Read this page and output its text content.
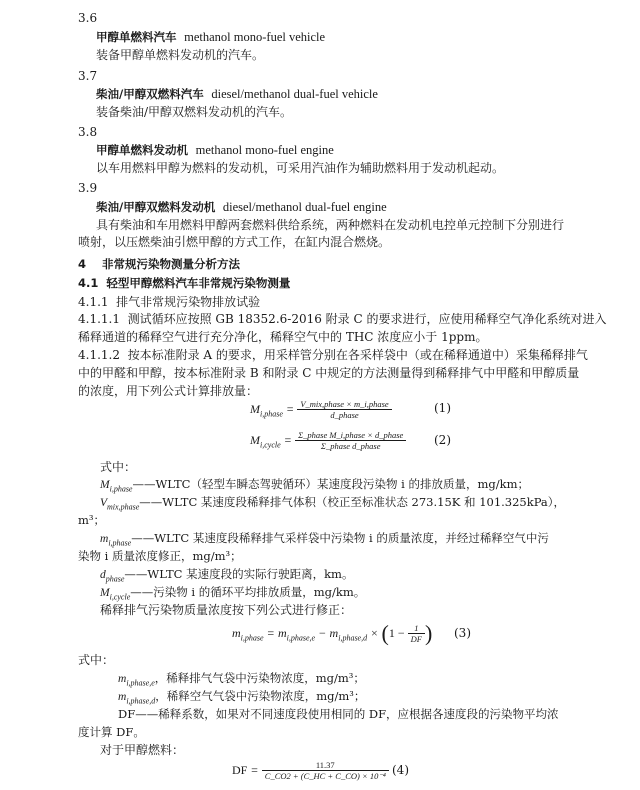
3.6
甲醇单燃料汽车 methanol mono-fuel vehicle
装备甲醇单燃料发动机的汽车。
3.7
柴油/甲醇双燃料汽车 diesel/methanol dual-fuel vehicle
装备柴油/甲醇双燃料发动机的汽车。
3.8
甲醇单燃料发动机 methanol mono-fuel engine
以车用燃料甲醇为燃料的发动机，可采用汽油作为辅助燃料用于发动机起动。
3.9
柴油/甲醇双燃料发动机 diesel/methanol dual-fuel engine
具有柴油和车用燃料甲醇两套燃料供给系统，两种燃料在发动机电控单元控制下分别进行
喷射，以压燃柴油引燃甲醇的方式工作，在缸内混合燃烧。
4    非常规污染物测量分析方法
4.1  轻型甲醇燃料汽车非常规污染物测量
4.1.1  排气非常规污染物排放试验
4.1.1.1  测试循环应按照 GB 18352.6-2016 附录 C 的要求进行，应使用稀释空气净化系统对进入
稀释通道的稀释空气进行充分净化，稀释空气中的 THC 浓度应小于 1ppm。
4.1.1.2  按本标准附录 A 的要求，用采样管分别在各采样袋中（或在稀释通道中）采集稀释排气
中的甲醛和甲醇，按本标准附录 B 和附录 C 中规定的方法测量得到稀释排气中甲醛和甲醇质量
的浓度，用下列公式计算排放量：
$M_{i,phase} = \frac{\text{V\_mix,phase × m\_i,phase}}{\text{d\_phase}}$	(1)
$M_{i,cycle} = \frac{\text{Σ\_phase M\_i,phase × d\_phase}}{\text{Σ\_phase d\_phase}} (2)$
式中：
$M_{i,phase}——WLTC$（轻型车瞬态驾驶循环）某速度段污染物 i 的排放质量，mg/km；
$V_{mix,phase}——WLTC$ 某速度段稀释排气体积（校正至标准状态 273.15K 和 101.325kPa），
m³；
$m_{i,phase}——WLTC$ 某速度段稀释排气采样袋中污染物 i 的质量浓度，并经过稀释空气中污
染物 i 质量浓度修正，mg/m³；
$d_{phase}——WLTC$ 某速度段的实际行驶距离，km。
$M_{i,cycle}——$污染物 i 的循环平均排放质量，mg/km。
稀释排气污染物质量浓度按下列公式进行修正：
$m_{i,phase} = m_{i,phase,e} - m_{i,phase,d} \times (1 - \frac{1}{DF}$ ) (3)
式中：
$m_{i,phase,e}$，稀释排气气袋中污染物浓度，mg/m³；
$m_{i,phase,d}$，稀释空气气袋中污染物浓度，mg/m³；
DF——稀释系数，如果对不同速度段使用相同的 DF，应根据各速度段的污染物平均浓
度计算 DF。
对于甲醇燃料：
DF = $\frac{11.37}{\text{C\_CO2 + (C\_HC + C\_CO) × 10⁻⁴}} (4)$
